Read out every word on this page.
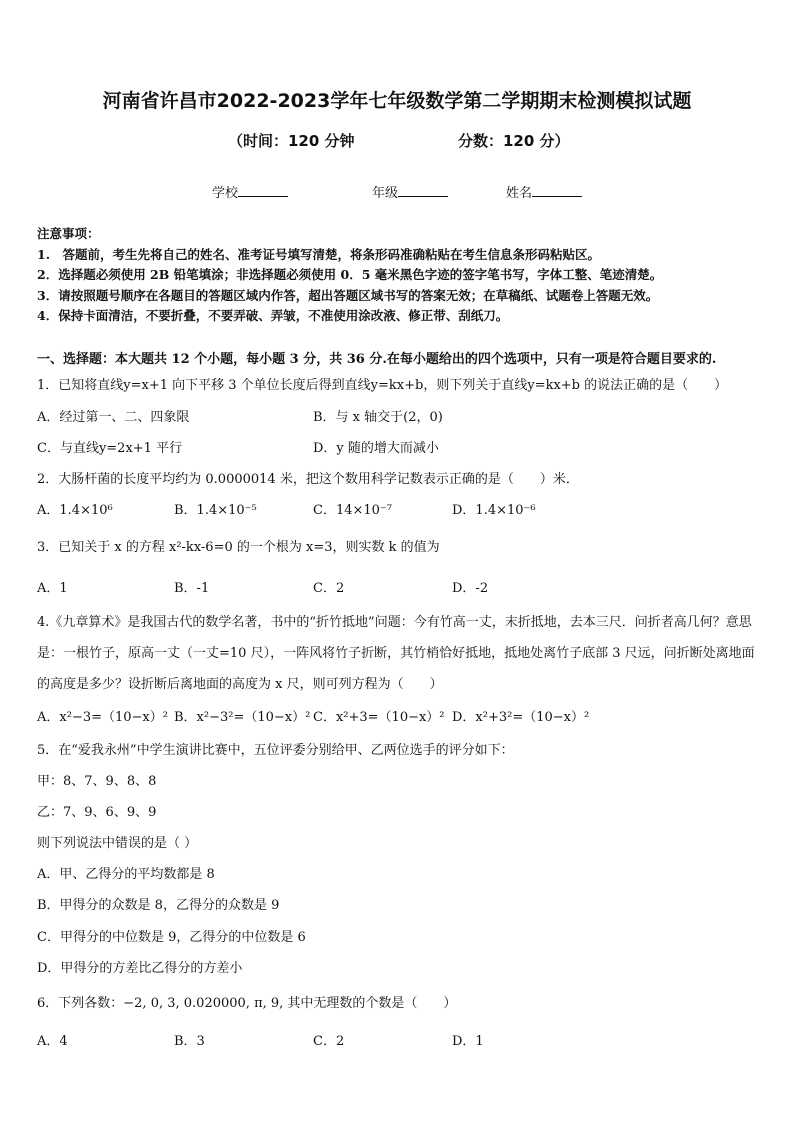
河南省许昌市2022-2023学年七年级数学第二学期期末检测模拟试题
（时间：120 分钟	分数：120 分）
学校	年级	姓名
注意事项：
1.　答题前，考生先将自己的姓名、准考证号填写清楚，将条形码准确粘贴在考生信息条形码粘贴区。
2．选择题必须使用 2B 铅笔填涂；非选择题必须使用 0．5 毫米黑色字迹的签字笔书写，字体工整、笔迹清楚。
3．请按照题号顺序在各题目的答题区域内作答，超出答题区域书写的答案无效；在草稿纸、试题卷上答题无效。
4．保持卡面清洁，不要折叠，不要弄破、弄皱，不准使用涂改液、修正带、刮纸刀。
一、选择题：本大题共 12 个小题，每小题 3 分，共 36 分.在每小题给出的四个选项中，只有一项是符合题目要求的.
1．已知将直线y=x+1 向下平移 3 个单位长度后得到直线y=kx+b，则下列关于直线y=kx+b 的说法正确的是（　　）
A．经过第一、二、四象限	B．与 x 轴交于(2，0)
C．与直线y=2x+1 平行	D．y 随的增大而减小
2．大肠杆菌的长度平均约为 0.0000014 米，把这个数用科学记数表示正确的是（　　）米．
A．1.4×10⁶	B．1.4×10⁻⁵	C．14×10⁻⁷	D．1.4×10⁻⁶
3．已知关于 x 的方程 x²-kx-6=0 的一个根为 x=3，则实数 k 的值为
A．1	B．-1	C．2	D．-2
4.《九章算术》是我国古代的数学名著，书中的“折竹抵地”问题：今有竹高一丈，末折抵地，去本三尺．问折者高几何？意思是：一根竹子，原高一丈（一丈=10 尺），一阵风将竹子折断，其竹梢恰好抵地，抵地处离竹子底部 3 尺远，问折断处离地面的高度是多少？设折断后离地面的高度为 x 尺，则可列方程为（　　）
A．x²−3=（10−x）² B．x²−3²=（10−x）² C．x²+3=（10−x）² D．x²+3²=（10−x）²
5．在“爱我永州”中学生演讲比赛中，五位评委分别给甲、乙两位选手的评分如下：
甲：8、7、9、8、8
乙：7、9、6、9、9
则下列说法中错误的是（ ）
A．甲、乙得分的平均数都是 8
B．甲得分的众数是 8，乙得分的众数是 9
C．甲得分的中位数是 9，乙得分的中位数是 6
D．甲得分的方差比乙得分的方差小
6．下列各数：−2, 0, 3, 0.020000, π, 9, 其中无理数的个数是（　　）
A．4	B．3	C．2	D．1
